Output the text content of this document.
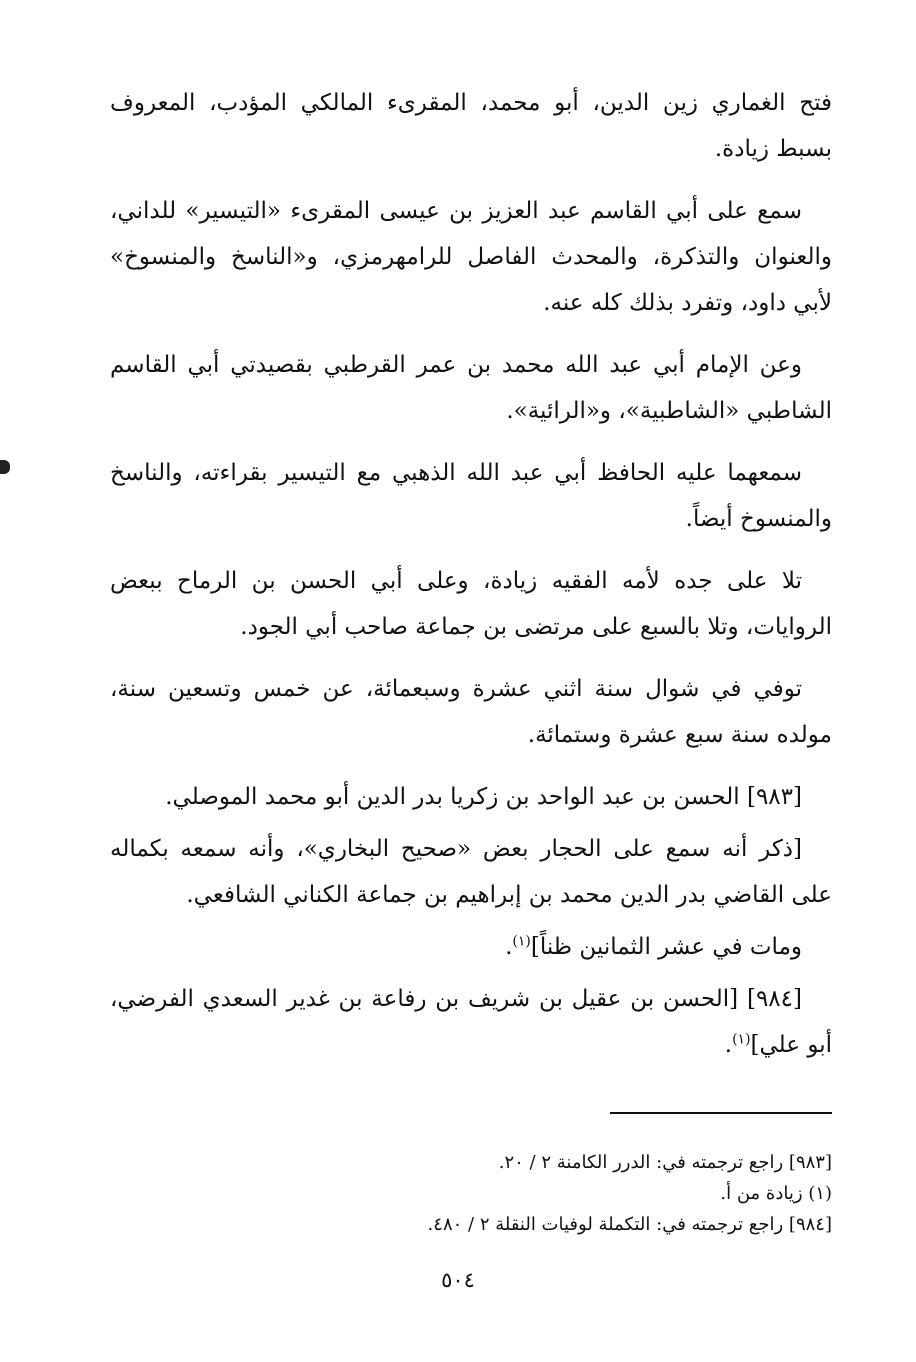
فتح الغماري زين الدين، أبو محمد، المقرىء المالكي المؤدب، المعروف بسبط زيادة.

سمع على أبي القاسم عبد العزيز بن عيسى المقرىء «التيسير» للداني، والعنوان والتذكرة، والمحدث الفاصل للرامهرمزي، و«الناسخ والمنسوخ» لأبي داود، وتفرد بذلك كله عنه.

وعن الإمام أبي عبد الله محمد بن عمر القرطبي بقصيدتي أبي القاسم الشاطبي «الشاطبية»، و«الرائية».

سمعهما عليه الحافظ أبي عبد الله الذهبي مع التيسير بقراءته، والناسخ والمنسوخ أيضاً.

تلا على جده لأمه الفقيه زيادة، وعلى أبي الحسن بن الرماح ببعض الروايات، وتلا بالسبع على مرتضى بن جماعة صاحب أبي الجود.

توفي في شوال سنة اثني عشرة وسبعمائة، عن خمس وتسعين سنة، مولده سنة سبع عشرة وستمائة.

[٩٨٣] الحسن بن عبد الواحد بن زكريا بدر الدين أبو محمد الموصلي.

[ذكر أنه سمع على الحجار بعض «صحيح البخاري»، وأنه سمعه بكماله على القاضي بدر الدين محمد بن إبراهيم بن جماعة الكناني الشافعي.

ومات في عشر الثمانين ظناً]$^{(١)}$.

[٩٨٤] [الحسن بن عقيل بن شريف بن رفاعة بن غدير السعدي الفرضي، أبو علي]$^{(١)}$.

[٩٨٣] راجع ترجمته في: الدرر الكامنة ٢ / ٢٠.

(١) زيادة من أ.

[٩٨٤] راجع ترجمته في: التكملة لوفيات النقلة ٢ / ٤٨٠.

٥٠٤
